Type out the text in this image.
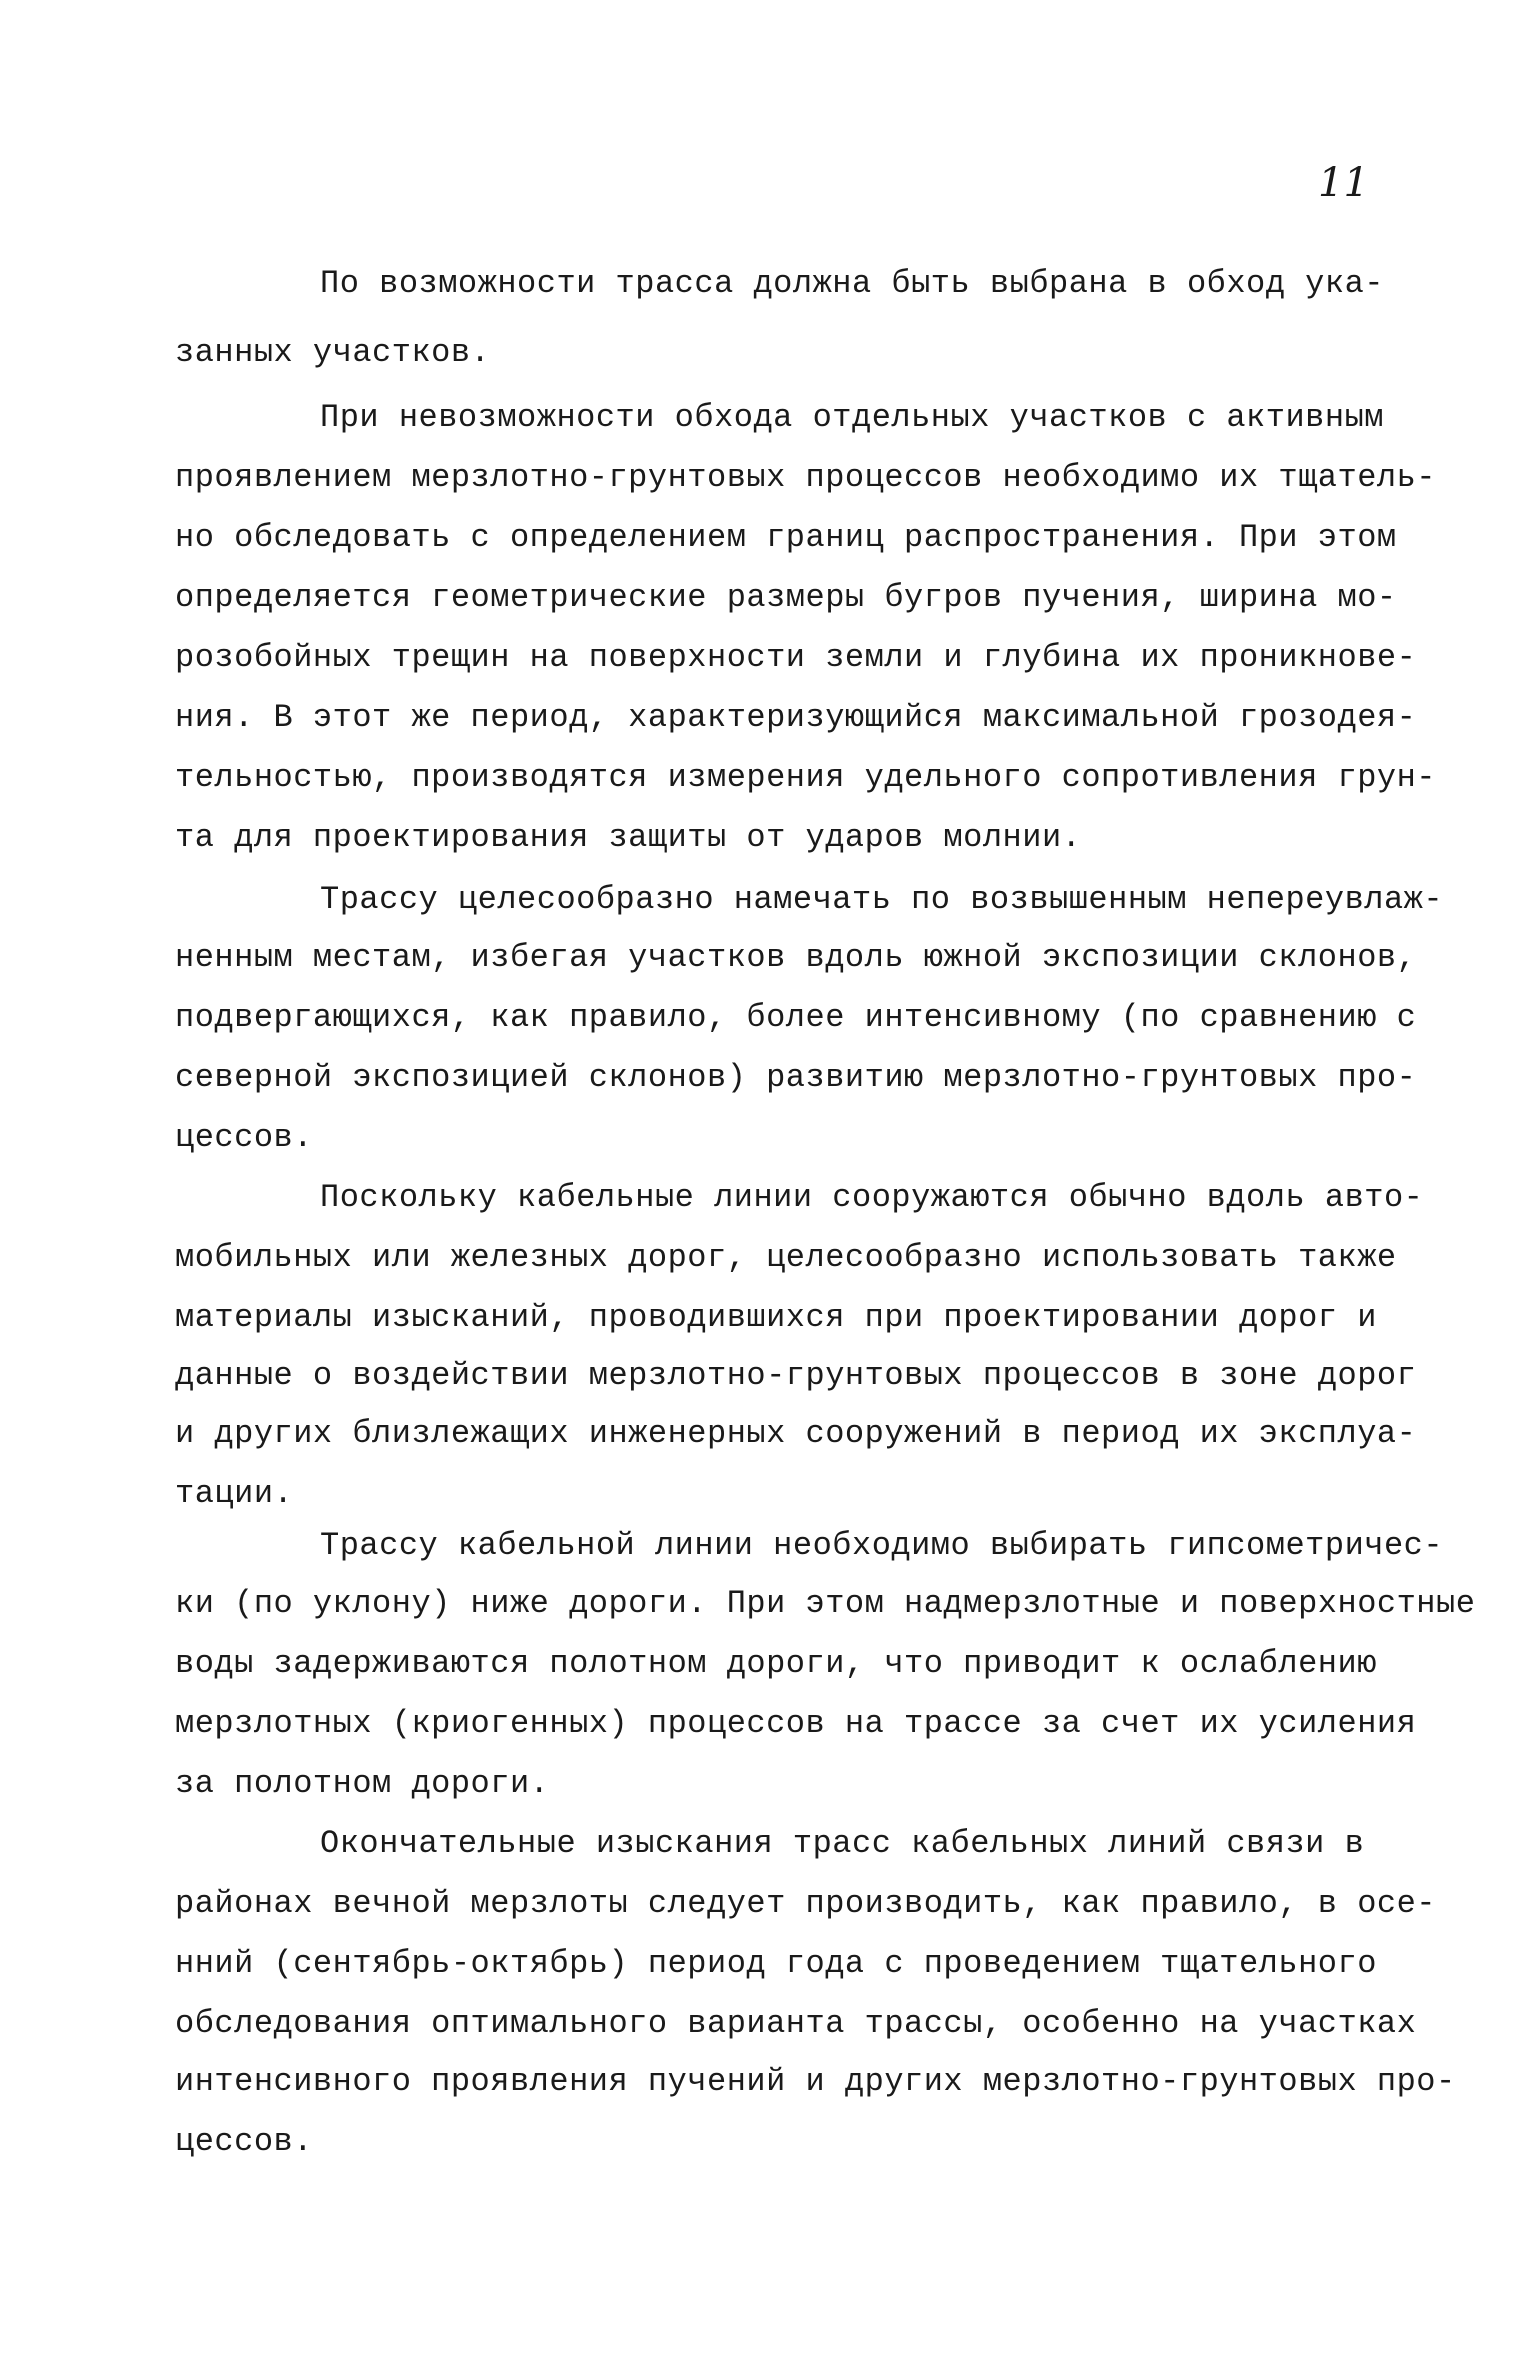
11
По возможности трасса должна быть выбрана в обход ука-
занных участков.
При невозможности обхода отдельных участков с активным
проявлением мерзлотно-грунтовых процессов необходимо их тщатель-
но обследовать с определением границ распространения. При этом
определяется геометрические размеры бугров пучения, ширина мо-
розобойных трещин на поверхности земли и глубина их проникнове-
ния. В этот же период, характеризующийся максимальной грозодея-
тельностью, производятся измерения удельного сопротивления грун-
та для проектирования защиты от ударов молнии.
Трассу целесообразно намечать по возвышенным непереувлаж-
ненным местам, избегая участков вдоль южной экспозиции склонов,
подвергающихся, как правило, более интенсивному (по сравнению с
северной экспозицией склонов) развитию мерзлотно-грунтовых про-
цессов.
Поскольку кабельные линии сооружаются обычно вдоль авто-
мобильных или железных дорог, целесообразно использовать также
материалы изысканий, проводившихся при проектировании дорог и
данные о воздействии мерзлотно-грунтовых процессов в зоне дорог
и других близлежащих инженерных сооружений в период их эксплуа-
тации.
Трассу кабельной линии необходимо выбирать гипсометричес-
ки (по уклону) ниже дороги. При этом надмерзлотные и поверхностные
воды задерживаются полотном дороги, что приводит к ослаблению
мерзлотных (криогенных) процессов на трассе за счет их усиления
за полотном дороги.
Окончательные изыскания трасс кабельных линий связи в
районах вечной мерзлоты следует производить, как правило, в осе-
нний (сентябрь-октябрь) период года с проведением тщательного
обследования оптимального варианта трассы, особенно на участках
интенсивного проявления пучений и других мерзлотно-грунтовых про-
цессов.
